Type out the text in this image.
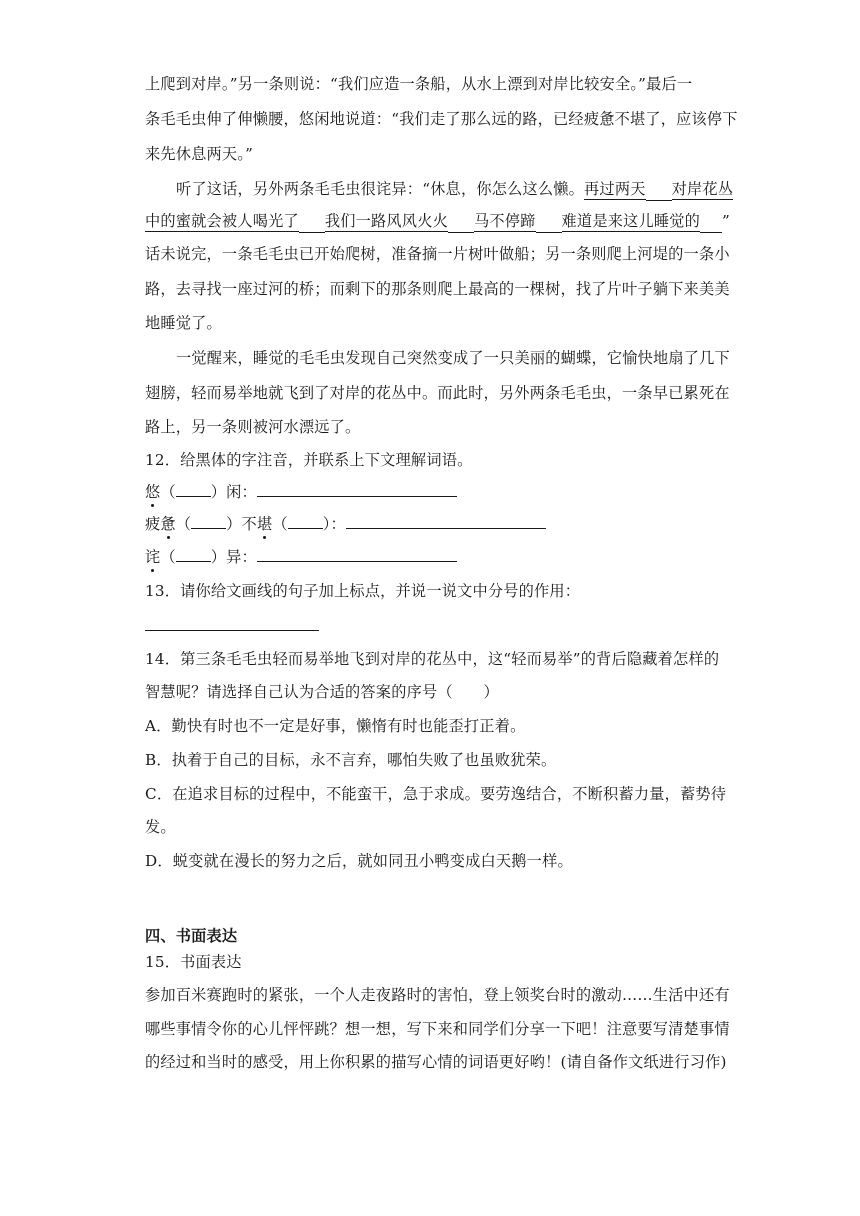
上爬到对岸。”另一条则说：“我们应造一条船，从水上漂到对岸比较安全。”最后一
条毛毛虫伸了伸懒腰，悠闲地说道：“我们走了那么远的路，已经疲惫不堪了，应该停下
来先休息两天。”
听了这话，另外两条毛毛虫很诧异：“休息，你怎么这么懒。再过两天 对岸花丛
中的蜜就会被人喝光了 我们一路风风火火 马不停蹄 难道是来这儿睡觉的 ”
话未说完，一条毛毛虫已开始爬树，准备摘一片树叶做船；另一条则爬上河堤的一条小
路，去寻找一座过河的桥；而剩下的那条则爬上最高的一棵树，找了片叶子躺下来美美
地睡觉了。
一觉醒来，睡觉的毛毛虫发现自己突然变成了一只美丽的蝴蝶，它愉快地扇了几下
翅膀，轻而易举地就飞到了对岸的花丛中。而此时，另外两条毛毛虫，一条早已累死在
路上，另一条则被河水漂远了。
12．给黑体的字注音，并联系上下文理解词语。
悠（ ）闲：
疲惫（ ）不堪（ ）：
诧（ ）异：
13．请你给文画线的句子加上标点，并说一说文中分号的作用：
14．第三条毛毛虫轻而易举地飞到对岸的花丛中，这“轻而易举”的背后隐藏着怎样的
智慧呢？请选择自己认为合适的答案的序号（　　）
A．勤快有时也不一定是好事，懒惰有时也能歪打正着。
B．执着于自己的目标，永不言弃，哪怕失败了也虽败犹荣。
C．在追求目标的过程中，不能蛮干，急于求成。要劳逸结合，不断积蓄力量，蓄势待
发。
D．蜕变就在漫长的努力之后，就如同丑小鸭变成白天鹅一样。
四、书面表达
15．书面表达
参加百米赛跑时的紧张，一个人走夜路时的害怕，登上领奖台时的激动……生活中还有
哪些事情令你的心儿怦怦跳？想一想，写下来和同学们分享一下吧！注意要写清楚事情
的经过和当时的感受，用上你积累的描写心情的词语更好哟！(请自备作文纸进行习作)
